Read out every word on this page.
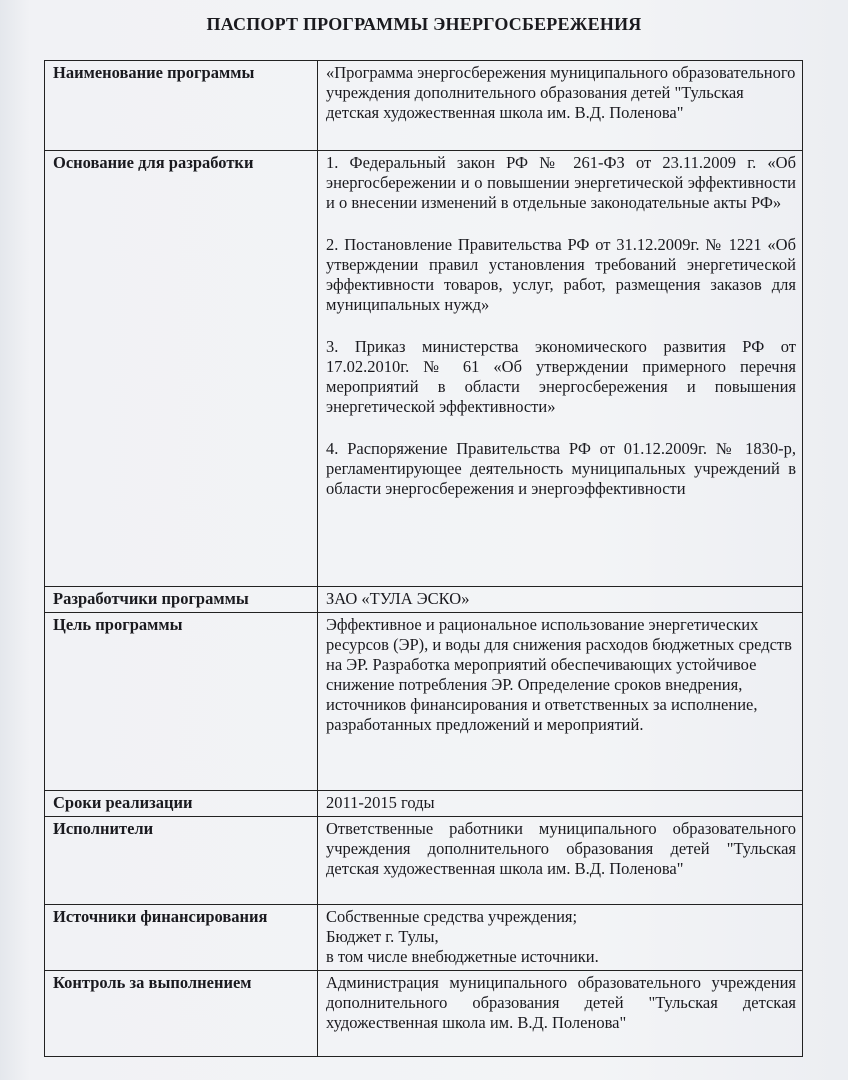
ПАСПОРТ ПРОГРАММЫ ЭНЕРГОСБЕРЕЖЕНИЯ
Наименование программы	«Программа энергосбережения муниципального образовательного учреждения дополнительного образования детей "Тульская детская художественная школа им. В.Д. Поленова"
Основание для разработки	1. Федеральный закон РФ № 261-ФЗ от 23.11.2009 г. «Об энергосбережении и о повышении энергетической эффективности и о внесении изменений в отдельные законодательные акты РФ»
2. Постановление Правительства РФ от 31.12.2009г. № 1221 «Об утверждении правил установления требований энергетической эффективности товаров, услуг, работ, размещения заказов для муниципальных нужд»
3. Приказ министерства экономического развития РФ от 17.02.2010г. № 61 «Об утверждении примерного перечня мероприятий в области энергосбережения и повышения энергетической эффективности»
4. Распоряжение Правительства РФ от 01.12.2009г. № 1830-р, регламентирующее деятельность муниципальных учреждений в области энергосбережения и энергоэффективности

Разработчики программы	ЗАО «ТУЛА ЭСКО»
Цель программы	Эффективное и рациональное использование энергетических ресурсов (ЭР), и воды для снижения расходов бюджетных средств на ЭР. Разработка мероприятий обеспечивающих устойчивое снижение потребления ЭР. Определение сроков внедрения, источников финансирования и ответственных за исполнение, разработанных предложений и мероприятий.
Сроки реализации	2011-2015 годы
Исполнители	Ответственные работники муниципального образовательного учреждения дополнительного образования детей "Тульская детская художественная школа им. В.Д. Поленова"
Источники финансирования	Собственные средства учреждения;
Бюджет г. Тулы,
в том числе внебюджетные источники.

Контроль за выполнением	Администрация муниципального образовательного учреждения дополнительного образования детей "Тульская детская художественная школа им. В.Д. Поленова"
